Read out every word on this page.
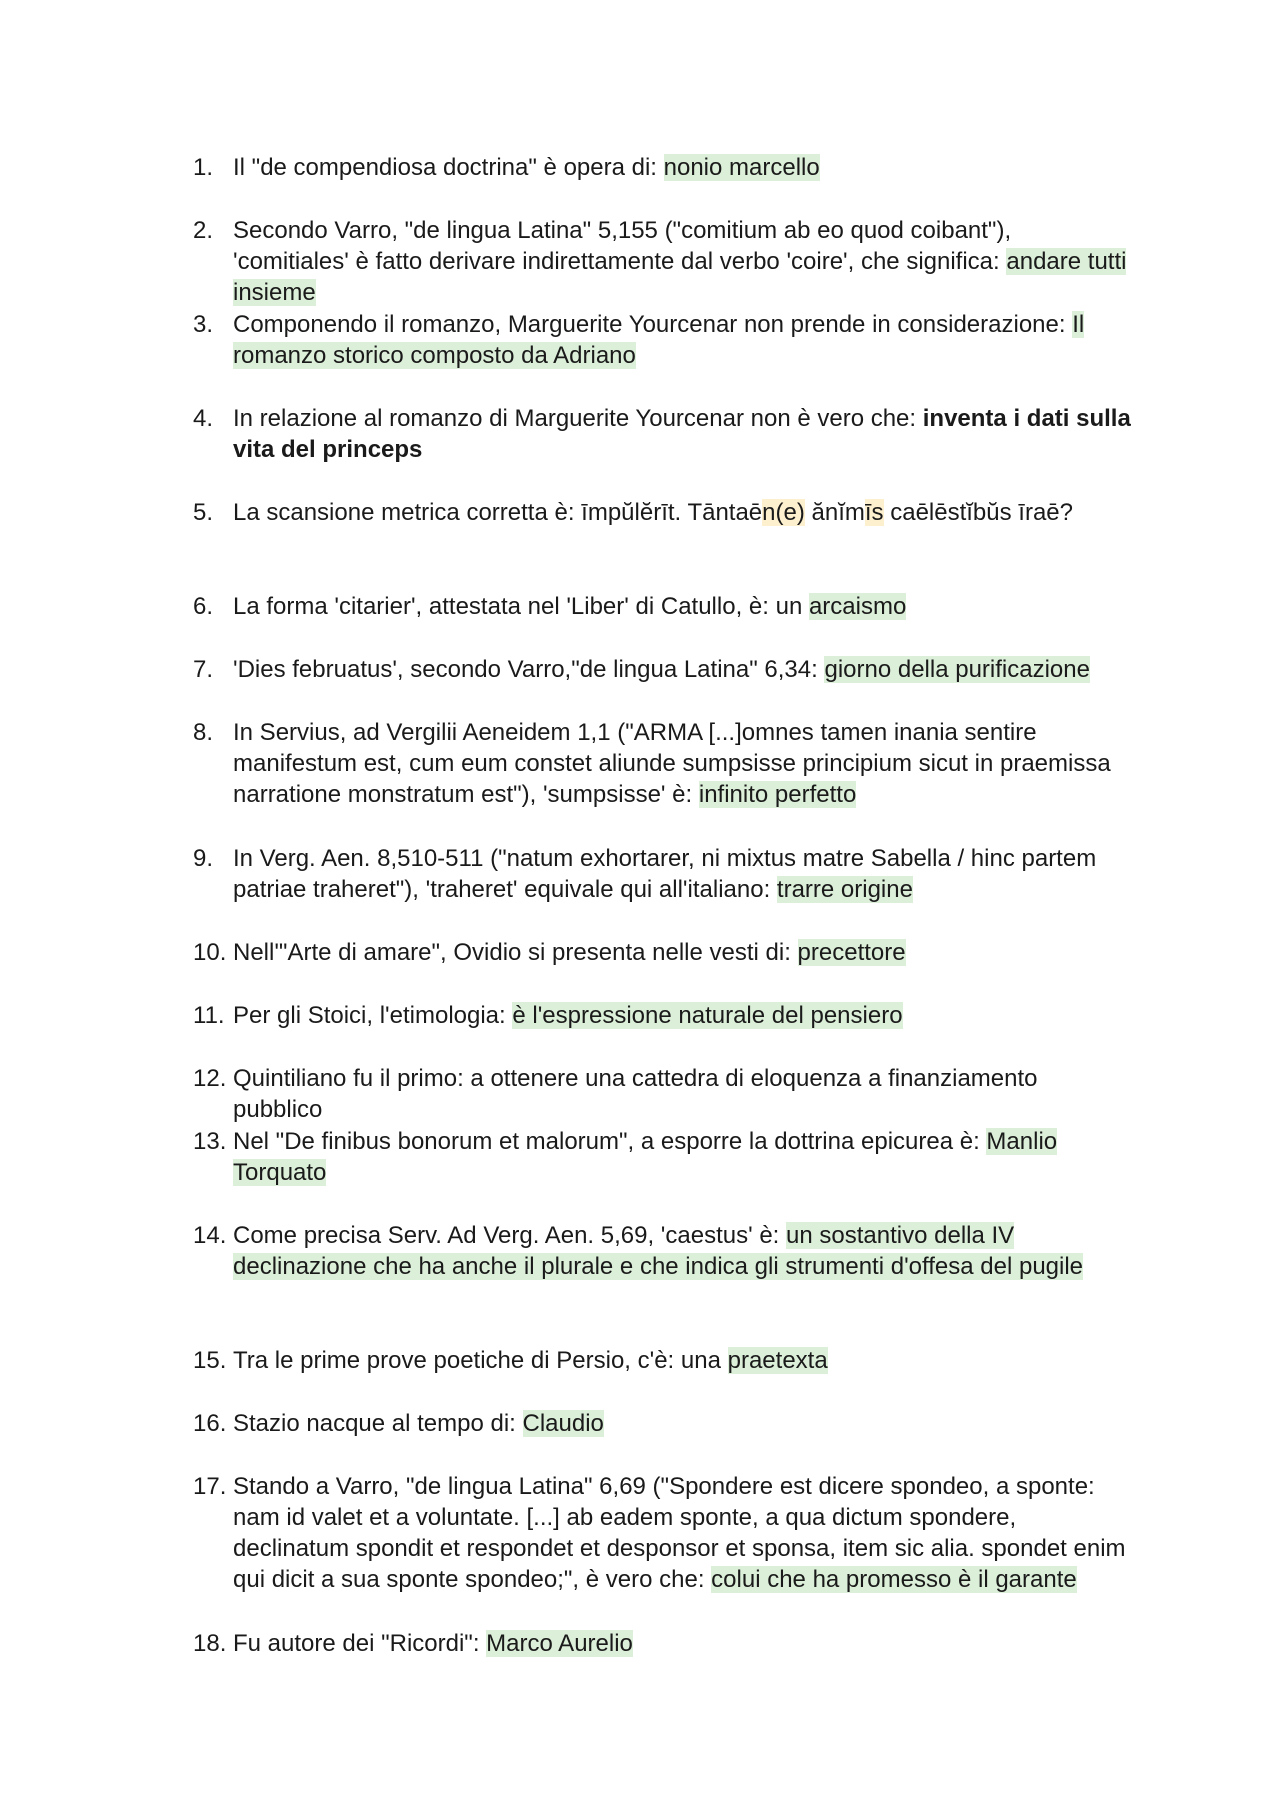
1. Il "de compendiosa doctrina" è opera di: nonio marcello
2. Secondo Varro, "de lingua Latina" 5,155 ("comitium ab eo quod coibant"), 'comitiales' è fatto derivare indirettamente dal verbo 'coire', che significa: andare tutti insieme
3. Componendo il romanzo, Marguerite Yourcenar non prende in considerazione: Il romanzo storico composto da Adriano
4. In relazione al romanzo di Marguerite Yourcenar non è vero che: inventa i dati sulla vita del princeps
5. La scansione metrica corretta è: īmpŭlĕrīt. Tāntaēn(e) ănĭmīs caēlēstĭbŭs īraē?
6. La forma 'citarier', attestata nel 'Liber' di Catullo, è: un arcaismo
7. 'Dies februatus', secondo Varro,"de lingua Latina" 6,34: giorno della purificazione
8. In Servius, ad Vergilii Aeneidem 1,1 ("ARMA [...]omnes tamen inania sentire manifestum est, cum eum constet aliunde sumpsisse principium sicut in praemissa narratione monstratum est"), 'sumpsisse' è: infinito perfetto
9. In Verg. Aen. 8,510-511 ("natum exhortarer, ni mixtus matre Sabella / hinc partem patriae traheret"), 'traheret' equivale qui all'italiano: trarre origine
10. Nell'"Arte di amare", Ovidio si presenta nelle vesti di: precettore
11. Per gli Stoici, l'etimologia: è l'espressione naturale del pensiero
12. Quintiliano fu il primo: a ottenere una cattedra di eloquenza a finanziamento pubblico
13. Nel "De finibus bonorum et malorum", a esporre la dottrina epicurea è: Manlio Torquato
14. Come precisa Serv. Ad Verg. Aen. 5,69, 'caestus' è: un sostantivo della IV declinazione che ha anche il plurale e che indica gli strumenti d'offesa del pugile
15. Tra le prime prove poetiche di Persio, c'è: una praetexta
16. Stazio nacque al tempo di: Claudio
17. Stando a Varro, "de lingua Latina" 6,69 ("Spondere est dicere spondeo, a sponte: nam id valet et a voluntate. [...] ab eadem sponte, a qua dictum spondere, declinatum spondit et respondet et desponsor et sponsa, item sic alia. spondet enim qui dicit a sua sponte spondeo;", è vero che: colui che ha promesso è il garante
18. Fu autore dei "Ricordi": Marco Aurelio
